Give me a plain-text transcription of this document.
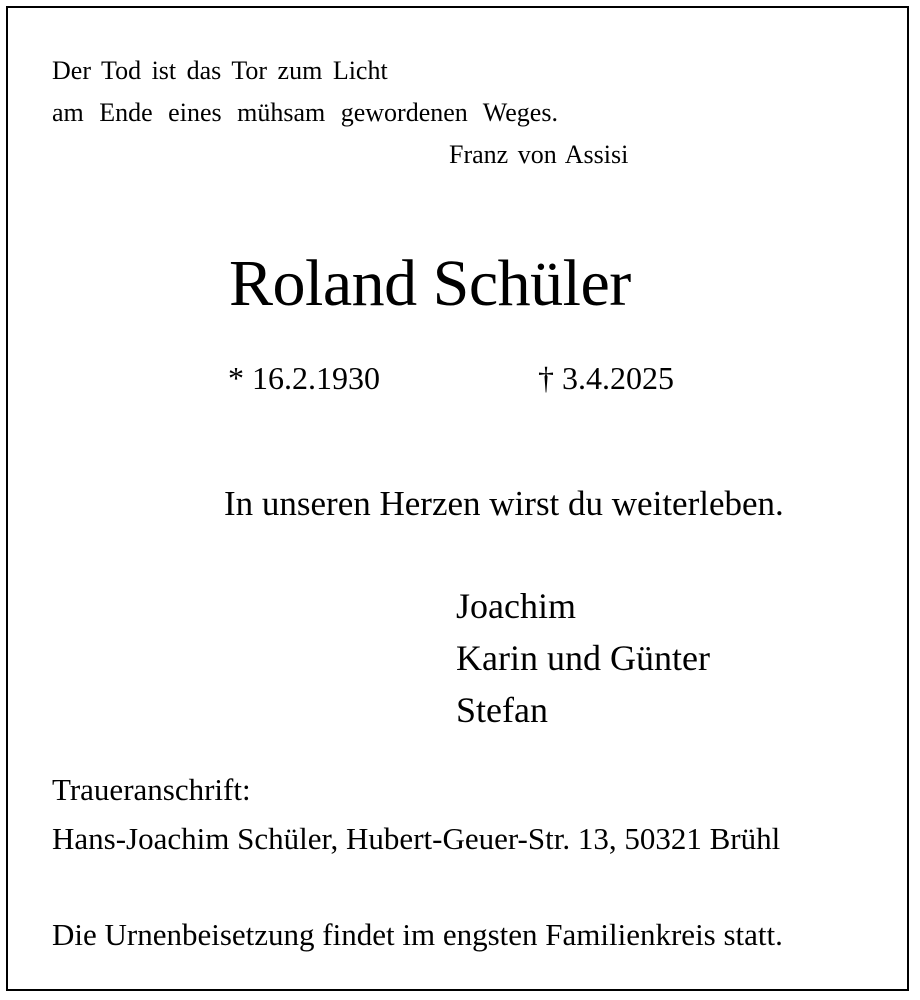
Der Tod ist das Tor zum Licht

am Ende eines mühsam gewordenen Weges.

Franz von Assisi

Roland Schüler
* 16.2.1930	† 3.4.2025

In unseren Herzen wirst du weiterleben.

Joachim
Karin und Günter
Stefan

Traueranschrift:

Hans-Joachim Schüler, Hubert-Geuer-Str. 13, 50321 Brühl

Die Urnenbeisetzung findet im engsten Familienkreis statt.
